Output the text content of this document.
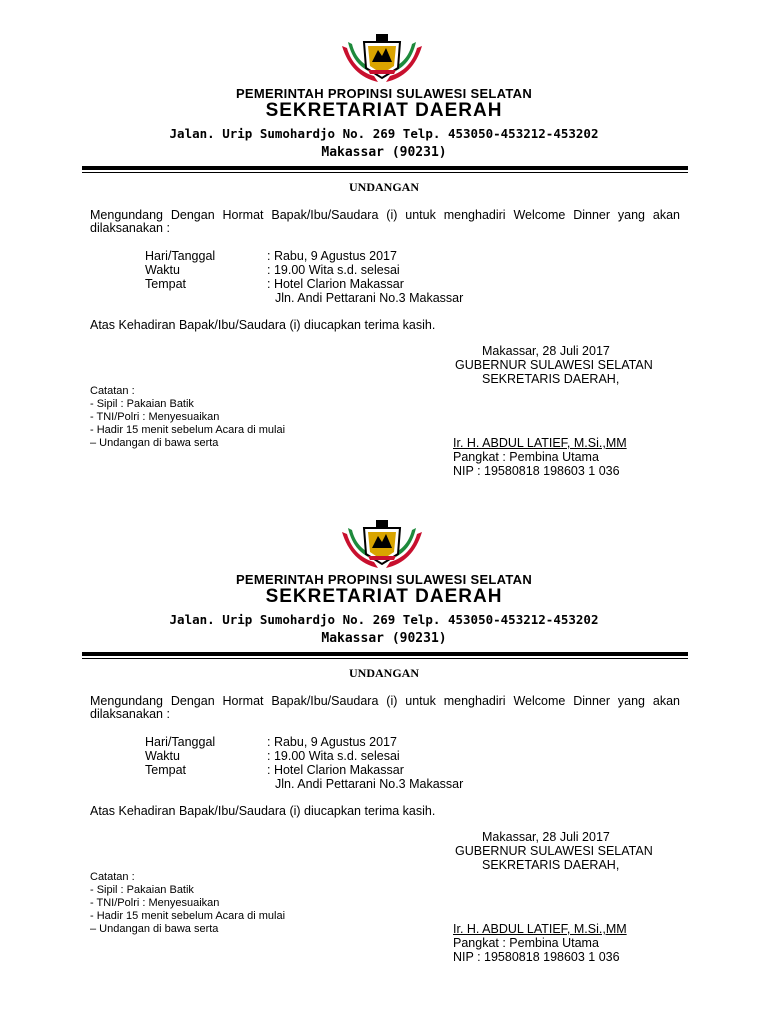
PEMERINTAH PROPINSI SULAWESI SELATAN
SEKRETARIAT DAERAH
Jalan. Urip Sumohardjo No. 269 Telp. 453050-453212-453202
Makassar (90231)
UNDANGAN
Mengundang Dengan Hormat Bapak/Ibu/Saudara (i) untuk menghadiri Welcome Dinner yang akan dilaksanakan :
Hari/Tanggal	: Rabu, 9 Agustus 2017
Waktu	: 19.00 Wita s.d. selesai
Tempat	: Hotel Clarion Makassar
Jln. Andi Pettarani No.3 Makassar
Atas Kehadiran Bapak/Ibu/Saudara (i) diucapkan terima kasih.
Makassar, 28 Juli 2017
GUBERNUR SULAWESI SELATAN
SEKRETARIS DAERAH,
Catatan :
- Sipil : Pakaian Batik
- TNI/Polri : Menyesuaikan
- Hadir 15 menit sebelum Acara di mulai
– Undangan di bawa serta	Ir. H. ABDUL LATIEF, M.Si.,MM
Pangkat : Pembina Utama
NIP : 19580818 198603 1 036
PEMERINTAH PROPINSI SULAWESI SELATAN
SEKRETARIAT DAERAH
Jalan. Urip Sumohardjo No. 269 Telp. 453050-453212-453202
Makassar (90231)
UNDANGAN
Mengundang Dengan Hormat Bapak/Ibu/Saudara (i) untuk menghadiri Welcome Dinner yang akan dilaksanakan :
Hari/Tanggal	: Rabu, 9 Agustus 2017
Waktu	: 19.00 Wita s.d. selesai
Tempat	: Hotel Clarion Makassar
Jln. Andi Pettarani No.3 Makassar
Atas Kehadiran Bapak/Ibu/Saudara (i) diucapkan terima kasih.
Makassar, 28 Juli 2017
GUBERNUR SULAWESI SELATAN
SEKRETARIS DAERAH,
Catatan :
- Sipil : Pakaian Batik
- TNI/Polri : Menyesuaikan
- Hadir 15 menit sebelum Acara di mulai
– Undangan di bawa serta	Ir. H. ABDUL LATIEF, M.Si.,MM
Pangkat : Pembina Utama
NIP : 19580818 198603 1 036
